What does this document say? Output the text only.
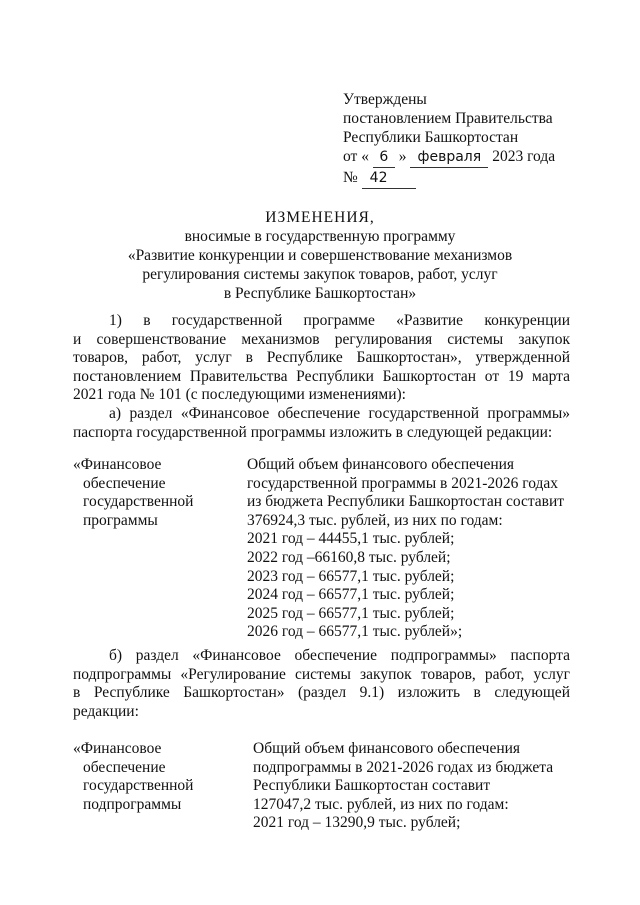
Утверждены
постановлением Правительства
Республики Башкортостан
от « 6 » февраля 2023 года
№ 42
ИЗМЕНЕНИЯ,
вносимые в государственную программу
«Развитие конкуренции и совершенствование механизмов
регулирования системы закупок товаров, работ, услуг
в Республике Башкортостан»
1) в государственной программе «Развитие конкуренции
и совершенствование механизмов регулирования системы закупок
товаров, работ, услуг в Республике Башкортостан», утвержденной
постановлением Правительства Республики Башкортостан от 19 марта
2021 года № 101 (с последующими изменениями):
а) раздел «Финансовое обеспечение государственной программы»
паспорта государственной программы изложить в следующей редакции:
«Финансовое
обеспечение
государственной
программы
Общий объем финансового обеспечения
государственной программы в 2021-2026 годах
из бюджета Республики Башкортостан составит
376924,3 тыс. рублей, из них по годам:
2021 год – 44455,1 тыс. рублей;
2022 год –66160,8 тыс. рублей;
2023 год – 66577,1 тыс. рублей;
2024 год – 66577,1 тыс. рублей;
2025 год – 66577,1 тыс. рублей;
2026 год – 66577,1 тыс. рублей»;
б) раздел «Финансовое обеспечение подпрограммы» паспорта
подпрограммы «Регулирование системы закупок товаров, работ, услуг
в Республике Башкортостан» (раздел 9.1) изложить в следующей
редакции:
«Финансовое
обеспечение
государственной
подпрограммы
Общий объем финансового обеспечения
подпрограммы в 2021-2026 годах из бюджета
Республики Башкортостан составит
127047,2 тыс. рублей, из них по годам:
2021 год – 13290,9 тыс. рублей;
